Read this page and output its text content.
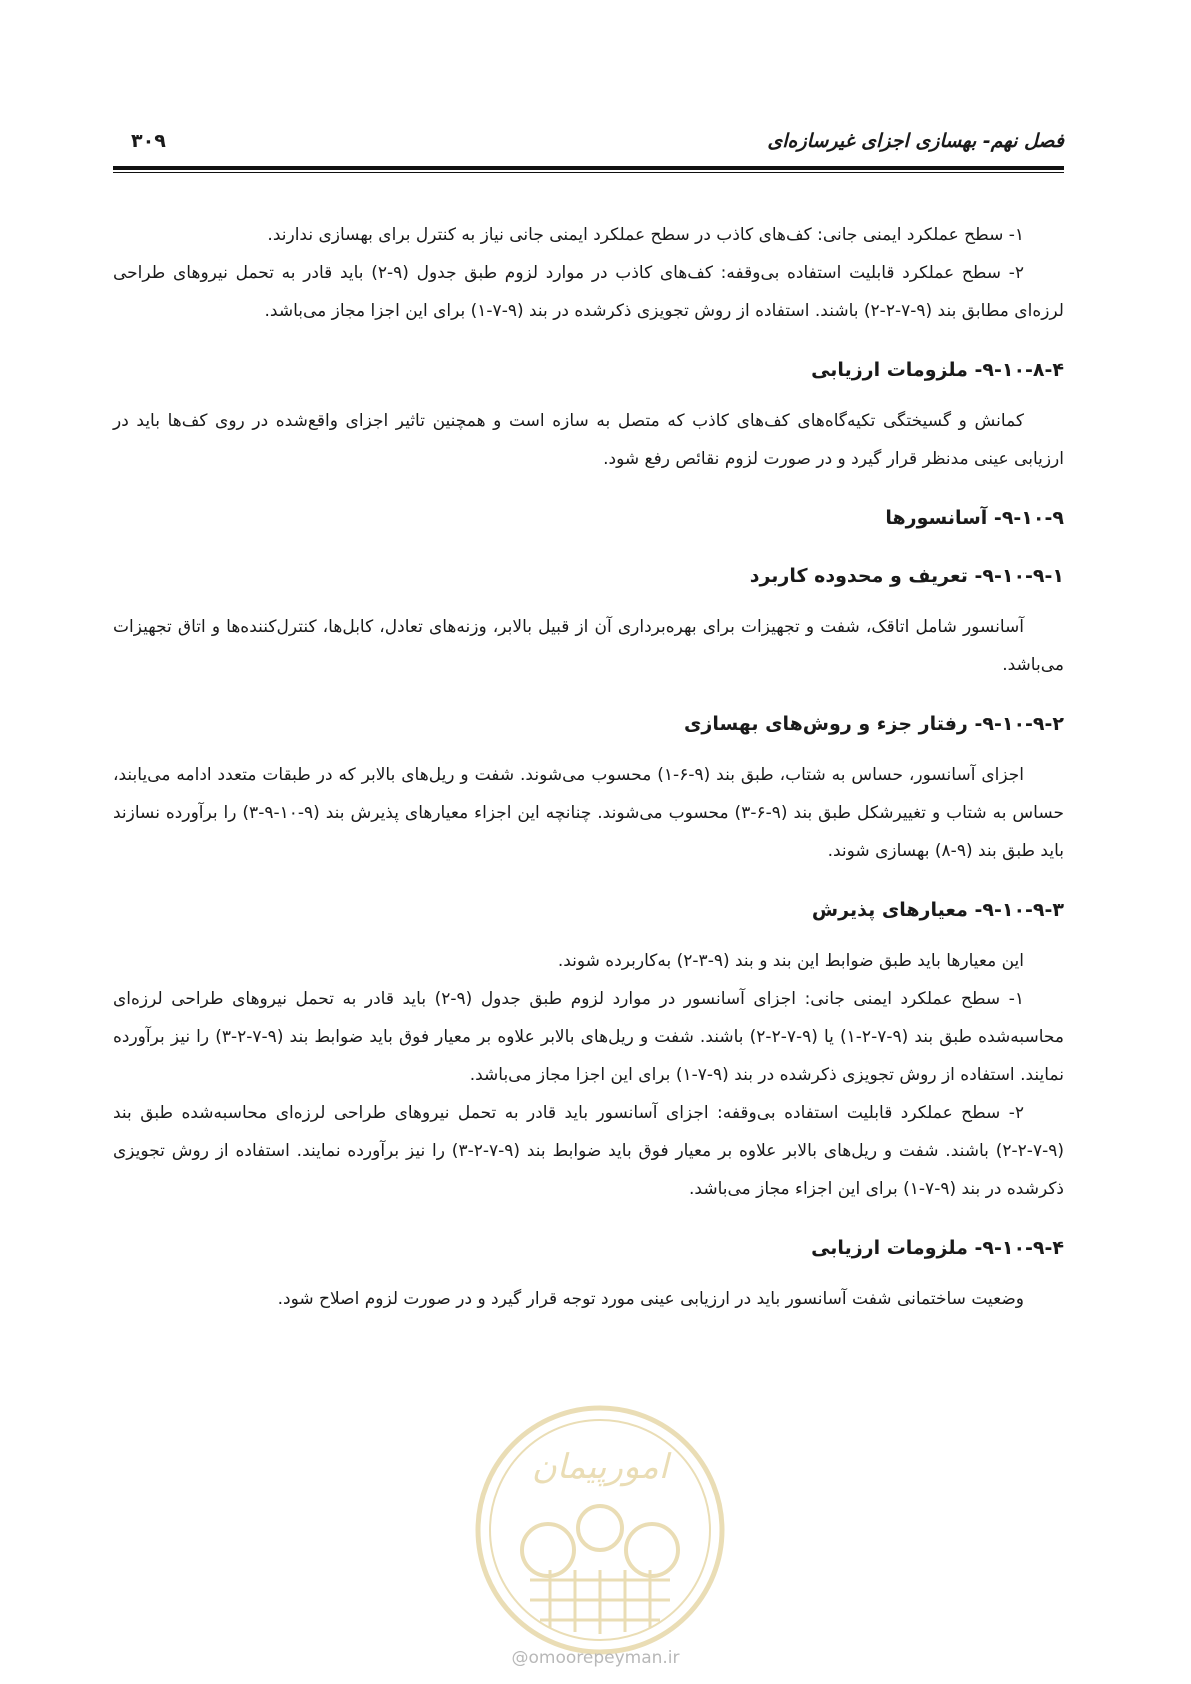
فصل نهم- بهسازی اجزای غیرسازه‌ای
۳۰۹

۱- سطح عملکرد ایمنی جانی: کف‌های کاذب در سطح عملکرد ایمنی جانی نیاز به کنترل برای بهسازی ندارند.

۲- سطح عملکرد قابلیت استفاده بی‌وقفه: کف‌های کاذب در موارد لزوم طبق جدول (۹-۲) باید قادر به تحمل نیروهای طراحی لرزه‌ای مطابق بند (۹-۷-۲-۲) باشند. استفاده از روش تجویزی ذکرشده در بند (۹-۷-۱) برای این اجزا مجاز می‌باشد.

۹-۱۰-۸-۴- ملزومات ارزیابی

کمانش و گسیختگی تکیه‌گاه‌های کف‌های کاذب که متصل به سازه است و همچنین تاثیر اجزای واقع‌شده در روی کف‌ها باید در ارزیابی عینی مدنظر قرار گیرد و در صورت لزوم نقائص رفع شود.

۹-۱۰-۹- آسانسورها
۹-۱۰-۹-۱- تعریف و محدوده کاربرد

آسانسور شامل اتاقک، شفت و تجهیزات برای بهره‌برداری آن از قبیل بالابر، وزنه‌های تعادل، کابل‌ها، کنترل‌کننده‌ها و اتاق تجهیزات می‌باشد.

۹-۱۰-۹-۲- رفتار جزء و روش‌های بهسازی

اجزای آسانسور، حساس به شتاب، طبق بند (۹-۶-۱) محسوب می‌شوند. شفت و ریل‌های بالابر که در طبقات متعدد ادامه می‌یابند، حساس به شتاب و تغییرشکل طبق بند (۹-۶-۳) محسوب می‌شوند. چنانچه این اجزاء معیارهای پذیرش بند (۹-۱۰-۹-۳) را برآورده نسازند باید طبق بند (۹-۸) بهسازی شوند.

۹-۱۰-۹-۳- معیارهای پذیرش

این معیارها باید طبق ضوابط این بند و بند (۹-۳-۲) به‌کاربرده شوند.

۱- سطح عملکرد ایمنی جانی: اجزای آسانسور در موارد لزوم طبق جدول (۹-۲) باید قادر به تحمل نیروهای طراحی لرزه‌ای محاسبه‌شده طبق بند (۹-۷-۲-۱) یا (۹-۷-۲-۲) باشند. شفت و ریل‌های بالابر علاوه بر معیار فوق باید ضوابط بند (۹-۷-۲-۳) را نیز برآورده نمایند. استفاده از روش تجویزی ذکرشده در بند (۹-۷-۱) برای این اجزا مجاز می‌باشد.

۲- سطح عملکرد قابلیت استفاده بی‌وقفه: اجزای آسانسور باید قادر به تحمل نیروهای طراحی لرزه‌ای محاسبه‌شده طبق بند (۹-۷-۲-۲) باشند. شفت و ریل‌های بالابر علاوه بر معیار فوق باید ضوابط بند (۹-۷-۲-۳) را نیز برآورده نمایند. استفاده از روش تجویزی ذکرشده در بند (۹-۷-۱) برای این اجزاء مجاز می‌باشد.

۹-۱۰-۹-۴- ملزومات ارزیابی

وضعیت ساختمانی شفت آسانسور باید در ارزیابی عینی مورد توجه قرار گیرد و در صورت لزوم اصلاح شود.

امورپیمان
@omoorepeyman.ir
